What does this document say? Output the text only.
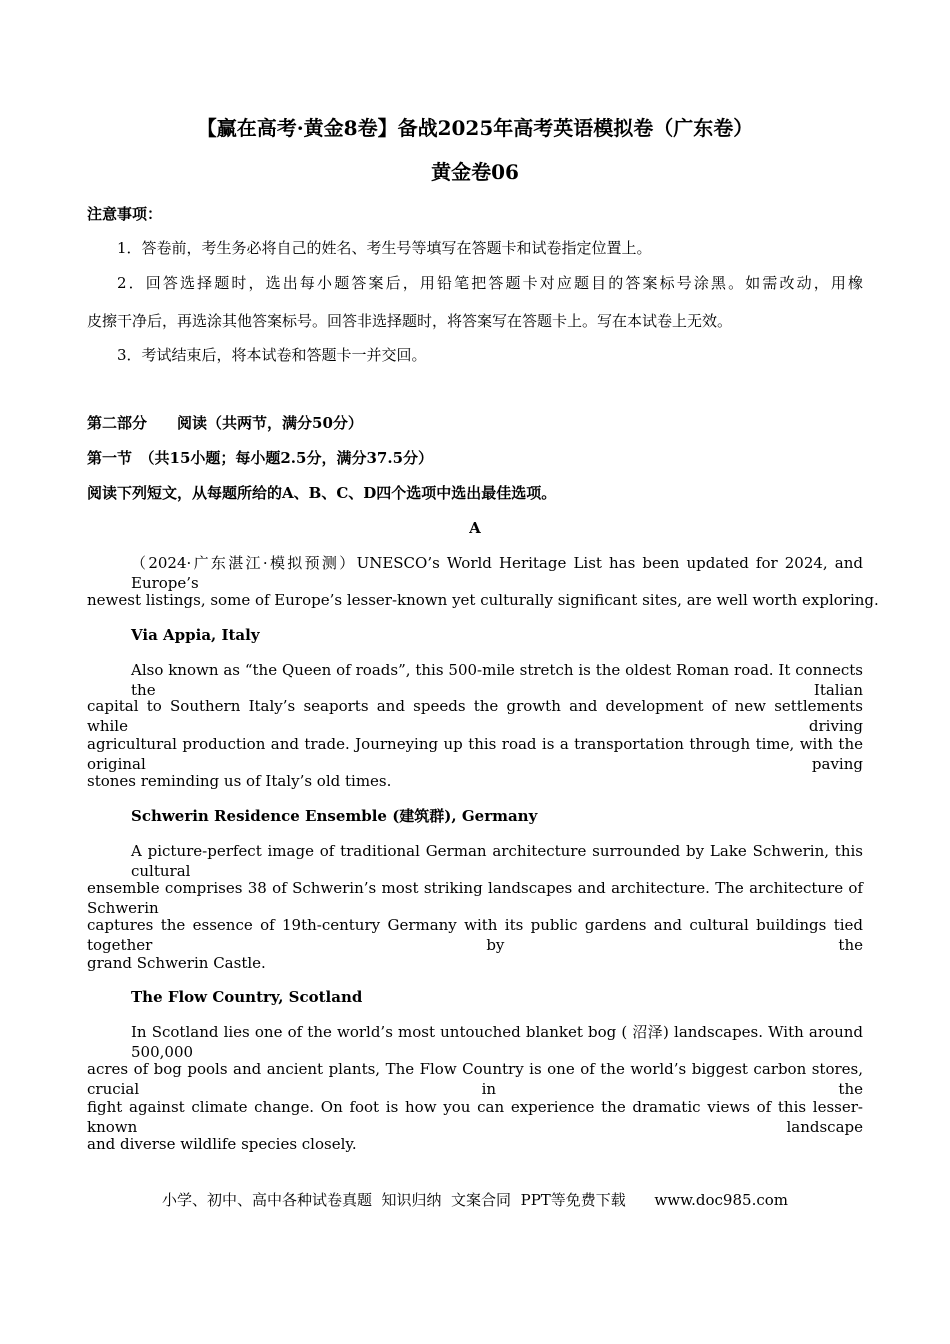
【赢在高考·黄金8卷】备战2025年高考英语模拟卷（广东卷）
黄金卷06
注意事项：
1．答卷前，考生务必将自己的姓名、考生号等填写在答题卡和试卷指定位置上。
2．回答选择题时，选出每小题答案后，用铅笔把答题卡对应题目的答案标号涂黑。如需改动，用橡
皮擦干净后，再选涂其他答案标号。回答非选择题时，将答案写在答题卡上。写在本试卷上无效。
3．考试结束后，将本试卷和答题卡一并交回。
第二部分　　阅读（共两节，满分50分）
第一节　（共15小题；每小题2.5分，满分37.5分）
阅读下列短文，从每题所给的A、B、C、D四个选项中选出最佳选项。
A
（2024·广东湛江·模拟预测）UNESCO’s World Heritage List has been updated for 2024, and Europe’s
newest listings, some of Europe’s lesser-known yet culturally significant sites, are well worth exploring.
Via Appia, Italy
Also known as “the Queen of roads”, this 500-mile stretch is the oldest Roman road. It connects the Italian
capital to Southern Italy’s seaports and speeds the growth and development of new settlements while driving
agricultural production and trade. Journeying up this road is a transportation through time, with the original paving
stones reminding us of Italy’s old times.
Schwerin Residence Ensemble (建筑群), Germany
A picture-perfect image of traditional German architecture surrounded by Lake Schwerin, this cultural
ensemble comprises 38 of Schwerin’s most striking landscapes and architecture. The architecture of Schwerin
captures the essence of 19th-century Germany with its public gardens and cultural buildings tied together by the
grand Schwerin Castle.
The Flow Country, Scotland
In Scotland lies one of the world’s most untouched blanket bog ( 沼泽) landscapes. With around 500,000
acres of bog pools and ancient plants, The Flow Country is one of the world’s biggest carbon stores, crucial in the
fight against climate change. On foot is how you can experience the dramatic views of this lesser-known landscape
and diverse wildlife species closely.
小学、初中、高中各种试卷真题  知识归纳  文案合同  PPT等免费下载      www.doc985.com
